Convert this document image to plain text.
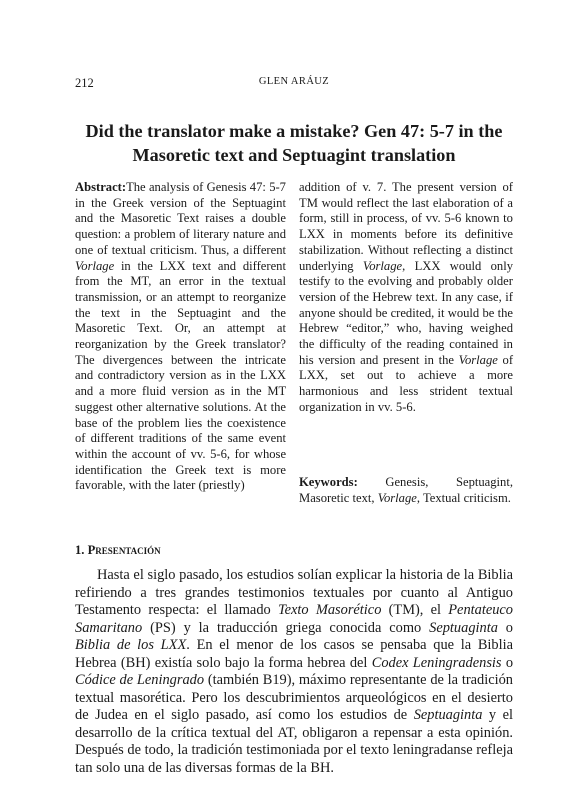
212	GLEN ARÁUZ
Did the translator make a mistake? Gen 47: 5-7 in the Masoretic text and Septuagint translation
Abstract:The analysis of Genesis 47: 5-7 in the Greek version of the Septuagint and the Masoretic Text raises a double question: a problem of literary nature and one of textual criticism. Thus, a different Vorlage in the LXX text and different from the MT, an error in the textual transmission, or an attempt to reorganize the text in the Septuagint and the Masoretic Text. Or, an attempt at reorganization by the Greek translator? The divergences between the intricate and contradictory version as in the LXX and a more fluid version as in the MT suggest other alternative solutions. At the base of the problem lies the coexistence of different traditions of the same event within the account of vv. 5-6, for whose identification the Greek text is more favorable, with the later (priestly)
addition of v. 7. The present version of TM would reflect the last elaboration of a form, still in process, of vv. 5-6 known to LXX in moments before its definitive stabilization. Without reflecting a distinct underlying Vorlage, LXX would only testify to the evolving and probably older version of the Hebrew text. In any case, if anyone should be credited, it would be the Hebrew “editor,” who, having weighed the difficulty of the reading contained in his version and present in the Vorlage of LXX, set out to achieve a more harmonious and less strident textual organization in vv. 5-6.

Keywords: Genesis, Septuagint, Masoretic text, Vorlage, Textual criticism.

1. Presentación

Hasta el siglo pasado, los estudios solían explicar la historia de la Biblia refiriendo a tres grandes testimonios textuales por cuanto al Antiguo Testamento respecta: el llamado Texto Masorético (TM), el Pentateuco Samaritano (PS) y la traducción griega conocida como Septuaginta o Biblia de los LXX. En el menor de los casos se pensaba que la Biblia Hebrea (BH) existía solo bajo la forma hebrea del Codex Leningradensis o Códice de Leningrado (también B19), máximo representante de la tradición textual masorética. Pero los descubrimientos arqueológicos en el desierto de Judea en el siglo pasado, así como los estudios de Septuaginta y el desarrollo de la crítica textual del AT, obligaron a repensar a esta opinión. Después de todo, la tradición testimoniada por el texto leningradanse refleja tan solo una de las diversas formas de la BH.
